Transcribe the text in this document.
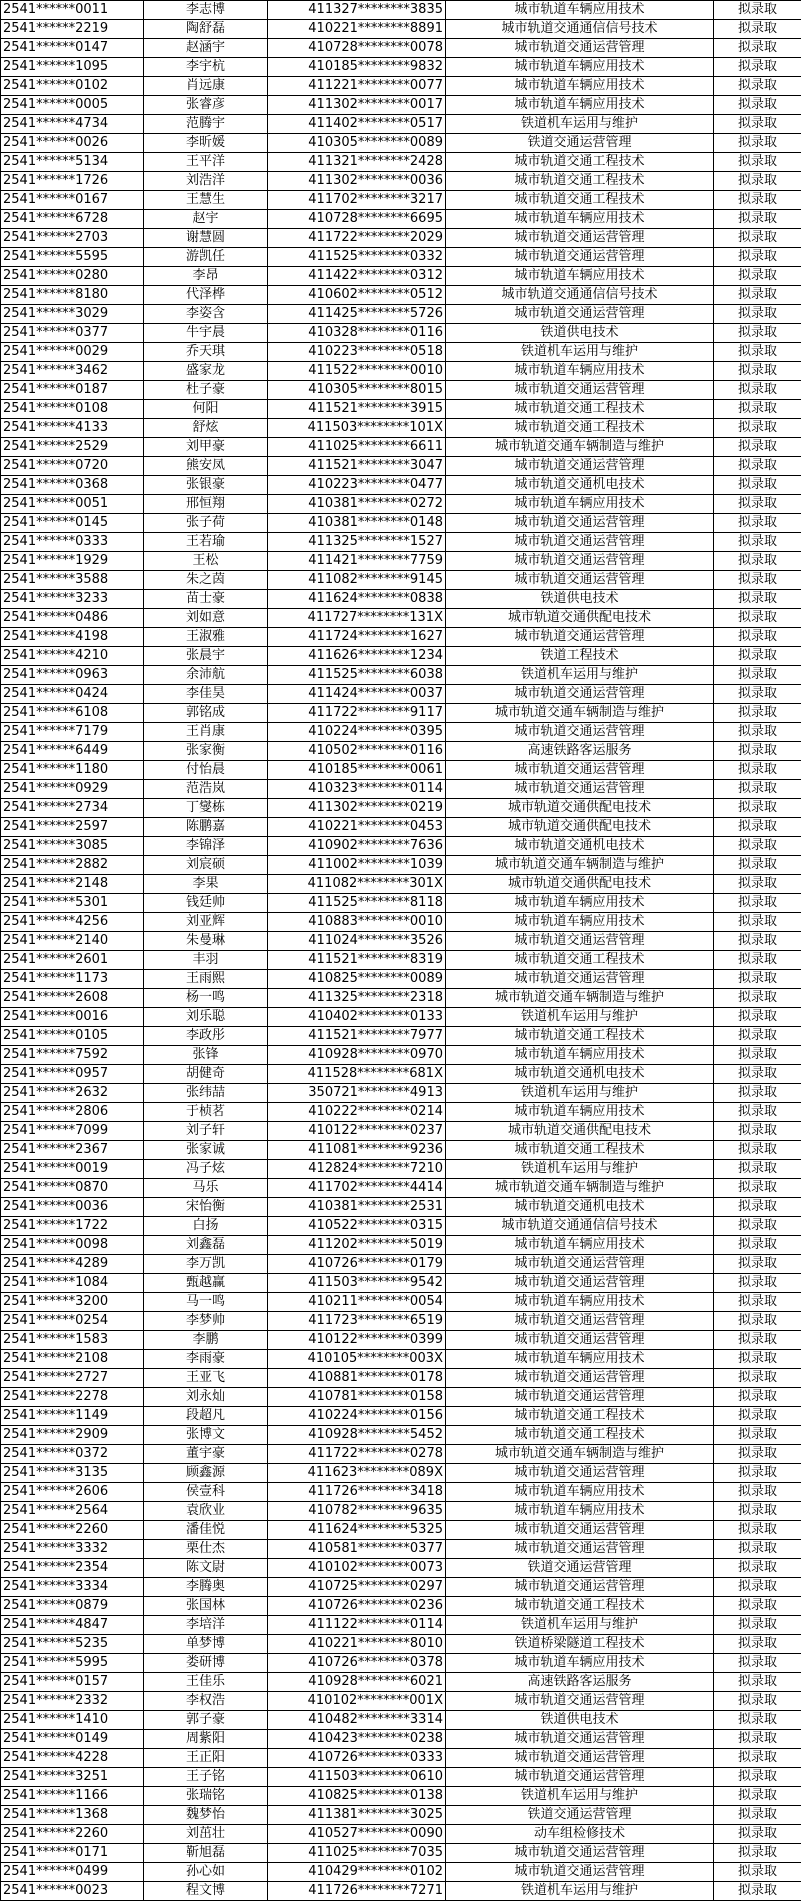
2541******0011	李志博	411327********3835	城市轨道车辆应用技术	拟录取
2541******2219	陶舒磊	410221********8891	城市轨道交通通信信号技术	拟录取
2541******0147	赵涵宇	410728********0078	城市轨道交通运营管理	拟录取
2541******1095	李宇杭	410185********9832	城市轨道车辆应用技术	拟录取
2541******0102	肖远康	411221********0077	城市轨道车辆应用技术	拟录取
2541******0005	张睿彦	411302********0017	城市轨道车辆应用技术	拟录取
2541******4734	范腾宇	411402********0517	铁道机车运用与维护	拟录取
2541******0026	李昕媛	410305********0089	铁道交通运营管理	拟录取
2541******5134	王平洋	411321********2428	城市轨道交通工程技术	拟录取
2541******1726	刘浩洋	411302********0036	城市轨道交通工程技术	拟录取
2541******0167	王慧生	411702********3217	城市轨道交通工程技术	拟录取
2541******6728	赵宇	410728********6695	城市轨道车辆应用技术	拟录取
2541******2703	谢慧圆	411722********2029	城市轨道交通运营管理	拟录取
2541******5595	游凯任	411525********0332	城市轨道交通运营管理	拟录取
2541******0280	李昂	411422********0312	城市轨道车辆应用技术	拟录取
2541******8180	代泽桦	410602********0512	城市轨道交通通信信号技术	拟录取
2541******3029	李姿含	411425********5726	城市轨道交通运营管理	拟录取
2541******0377	牛宇晨	410328********0116	铁道供电技术	拟录取
2541******0029	乔天琪	410223********0518	铁道机车运用与维护	拟录取
2541******3462	盛家龙	411522********0010	城市轨道车辆应用技术	拟录取
2541******0187	杜子豪	410305********8015	城市轨道交通运营管理	拟录取
2541******0108	何阳	411521********3915	城市轨道交通工程技术	拟录取
2541******4133	舒炫	411503********101X	城市轨道交通工程技术	拟录取
2541******2529	刘甲豪	411025********6611	城市轨道交通车辆制造与维护	拟录取
2541******0720	熊安凤	411521********3047	城市轨道交通运营管理	拟录取
2541******0368	张银豪	410223********0477	城市轨道交通机电技术	拟录取
2541******0051	邢恒翔	410381********0272	城市轨道车辆应用技术	拟录取
2541******0145	张子荷	410381********0148	城市轨道交通运营管理	拟录取
2541******0333	王若瑜	411325********1527	城市轨道交通运营管理	拟录取
2541******1929	王松	411421********7759	城市轨道交通运营管理	拟录取
2541******3588	朱之茵	411082********9145	城市轨道交通运营管理	拟录取
2541******3233	苗士豪	411624********0838	铁道供电技术	拟录取
2541******0486	刘如意	411727********131X	城市轨道交通供配电技术	拟录取
2541******4198	王淑雅	411724********1627	城市轨道交通运营管理	拟录取
2541******4210	张晨宇	411626********1234	铁道工程技术	拟录取
2541******0963	余沛航	411525********6038	铁道机车运用与维护	拟录取
2541******0424	李佳昊	411424********0037	城市轨道交通运营管理	拟录取
2541******6108	郭铭成	411722********9117	城市轨道交通车辆制造与维护	拟录取
2541******7179	王肖康	410224********0395	城市轨道交通运营管理	拟录取
2541******6449	张家衡	410502********0116	高速铁路客运服务	拟录取
2541******1180	付怡晨	410185********0061	城市轨道交通运营管理	拟录取
2541******0929	范浩岚	410323********0114	城市轨道交通运营管理	拟录取
2541******2734	丁燮栋	411302********0219	城市轨道交通供配电技术	拟录取
2541******2597	陈鹏嘉	410221********0453	城市轨道交通供配电技术	拟录取
2541******3085	李锦泽	410902********7636	城市轨道交通机电技术	拟录取
2541******2882	刘宸硕	411002********1039	城市轨道交通车辆制造与维护	拟录取
2541******2148	李果	411082********301X	城市轨道交通供配电技术	拟录取
2541******5301	钱廷帅	411525********8118	城市轨道车辆应用技术	拟录取
2541******4256	刘亚辉	410883********0010	城市轨道车辆应用技术	拟录取
2541******2140	朱曼琳	411024********3526	城市轨道交通运营管理	拟录取
2541******2601	丰羽	411521********8319	城市轨道交通工程技术	拟录取
2541******1173	王雨熙	410825********0089	城市轨道交通运营管理	拟录取
2541******2608	杨一鸣	411325********2318	城市轨道交通车辆制造与维护	拟录取
2541******0016	刘乐聪	410402********0133	铁道机车运用与维护	拟录取
2541******0105	李政彤	411521********7977	城市轨道交通工程技术	拟录取
2541******7592	张锋	410928********0970	城市轨道车辆应用技术	拟录取
2541******0957	胡健奇	411528********681X	城市轨道交通机电技术	拟录取
2541******2632	张纬喆	350721********4913	铁道机车运用与维护	拟录取
2541******2806	于桢茗	410222********0214	城市轨道车辆应用技术	拟录取
2541******7099	刘子轩	410122********0237	城市轨道交通供配电技术	拟录取
2541******2367	张家诚	411081********9236	城市轨道交通工程技术	拟录取
2541******0019	冯子炫	412824********7210	铁道机车运用与维护	拟录取
2541******0870	马乐	411702********4414	城市轨道交通车辆制造与维护	拟录取
2541******0036	宋怡衡	410381********2531	城市轨道交通机电技术	拟录取
2541******1722	白扬	410522********0315	城市轨道交通通信信号技术	拟录取
2541******0098	刘鑫磊	411202********5019	城市轨道车辆应用技术	拟录取
2541******4289	李万凯	410726********0179	城市轨道交通运营管理	拟录取
2541******1084	甄越赢	411503********9542	城市轨道交通运营管理	拟录取
2541******3200	马一鸣	410211********0054	城市轨道车辆应用技术	拟录取
2541******0254	李梦帅	411723********6519	城市轨道交通运营管理	拟录取
2541******1583	李鹏	410122********0399	城市轨道交通运营管理	拟录取
2541******2108	李雨豪	410105********003X	城市轨道车辆应用技术	拟录取
2541******2727	王亚飞	410881********0178	城市轨道交通运营管理	拟录取
2541******2278	刘永灿	410781********0158	城市轨道交通运营管理	拟录取
2541******1149	段超凡	410224********0156	城市轨道交通工程技术	拟录取
2541******2909	张博文	410928********5452	城市轨道交通工程技术	拟录取
2541******0372	董宇豪	411722********0278	城市轨道交通车辆制造与维护	拟录取
2541******3135	顾鑫源	411623********089X	城市轨道交通运营管理	拟录取
2541******2606	侯壹科	411726********3418	城市轨道车辆应用技术	拟录取
2541******2564	袁欣业	410782********9635	城市轨道车辆应用技术	拟录取
2541******2260	潘佳悦	411624********5325	城市轨道交通运营管理	拟录取
2541******3332	栗仕杰	410581********0377	城市轨道交通运营管理	拟录取
2541******2354	陈文尉	410102********0073	铁道交通运营管理	拟录取
2541******3334	李腾奥	410725********0297	城市轨道交通运营管理	拟录取
2541******0879	张国林	410726********0236	城市轨道交通工程技术	拟录取
2541******4847	李培洋	411122********0114	铁道机车运用与维护	拟录取
2541******5235	单梦博	410221********8010	铁道桥梁隧道工程技术	拟录取
2541******5995	娄研博	410726********0378	城市轨道车辆应用技术	拟录取
2541******0157	王佳乐	410928********6021	高速铁路客运服务	拟录取
2541******2332	李权浩	410102********001X	城市轨道交通运营管理	拟录取
2541******1410	郭子豪	410482********3314	铁道供电技术	拟录取
2541******0149	周紫阳	410423********0238	城市轨道交通运营管理	拟录取
2541******4228	王正阳	410726********0333	城市轨道交通运营管理	拟录取
2541******3251	王子铭	411503********0610	城市轨道交通运营管理	拟录取
2541******1166	张瑞铭	410825********0138	铁道机车运用与维护	拟录取
2541******1368	魏梦怡	411381********3025	铁道交通运营管理	拟录取
2541******2260	刘茁壮	410527********0090	动车组检修技术	拟录取
2541******0171	靳旭磊	411025********7035	城市轨道交通运营管理	拟录取
2541******0499	孙心如	410429********0102	城市轨道交通运营管理	拟录取
2541******0023	程文博	411726********7271	铁道机车运用与维护	拟录取
